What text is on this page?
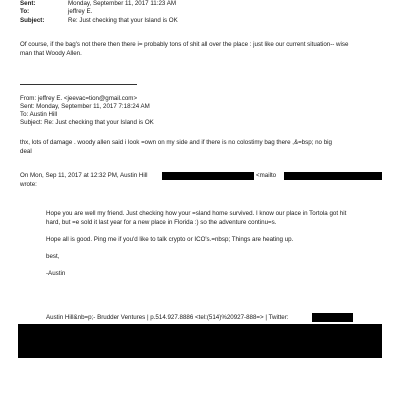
Sent:	Monday, September 11, 2017 11:23 AM
To:	jeffrey E.
Subject:	Re: Just checking that your Island is OK
Of course, if the bag's not there then there i= probably tons of shit all over the place : just like our current situation-- wise
man that Woody Allen.
From: jeffrey E. <jeevac=tion@gmail.com>
Sent: Monday, September 11, 2017 7:18:24 AM
To: Austin Hill
Subject: Re: Just checking that your Island is OK
thx, lots of damage . woody allen said i look =own on my side and if there is no colostimy bag there ,&=bsp; no big
deal
On Mon, Sep 11, 2017 at 12:32 PM, Austin Hill	<mailto
wrote:
Hope you are well my friend. Just checking how your =sland home survived. I know our place in Tortola got hit
hard, but =e sold it last year for a new place in Florida :) so the adventure continu=s.
Hope all is good. Ping me if you'd like to talk crypto or ICO's.=nbsp; Things are heating up.
best,
-Austin
Austin Hill&nb=p;- Brudder Ventures | p.514.927.8886 <tel:(514)%20927-888=> | Twitter:
